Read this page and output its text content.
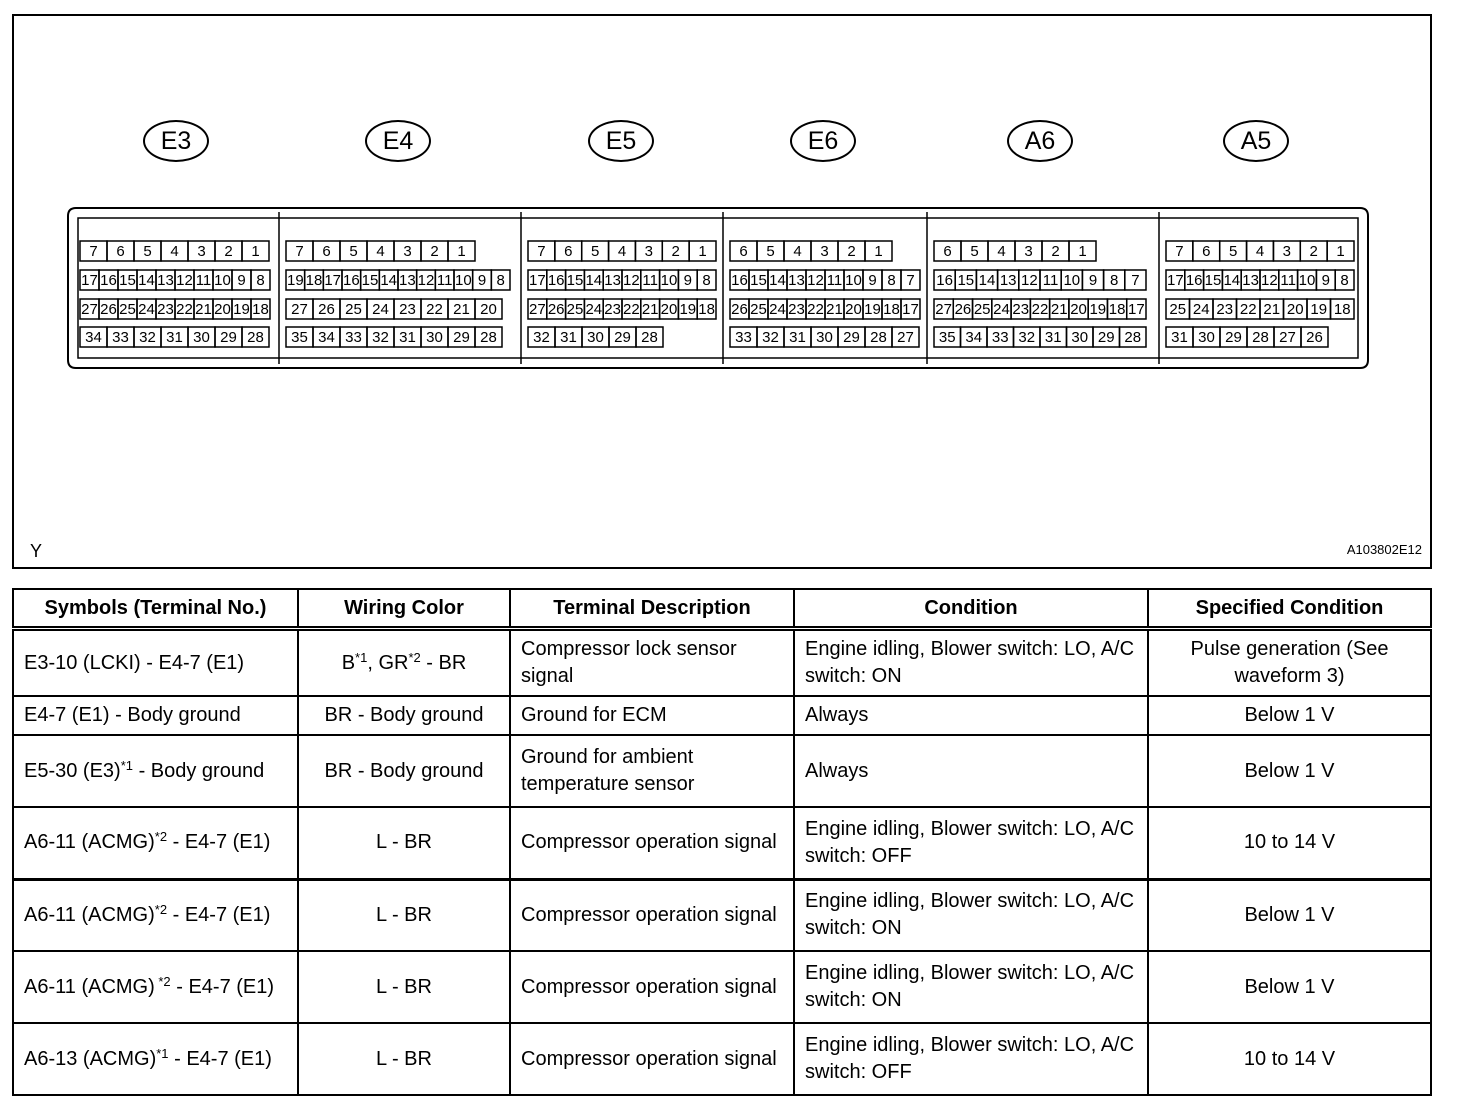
E3	E4	E5	E6	A6	A5
7 6 5 4 3 2 1
17 16 15 14 13 12 11 10 9 8
27 26 25 24 23 22 21 20 19 18
34 33 32 31 30 29 28
7 6 5 4 3 2 1
19 18 17 16 15 14 13 12 11 10 9 8
27 26 25 24 23 22 21 20
35 34 33 32 31 30 29 28
7 6 5 4 3 2 1
17 16 15 14 13 12 11 10 9 8
27 26 25 24 23 22 21 20 19 18
32 31 30 29 28
6 5 4 3 2 1
16 15 14 13 12 11 10 9 8 7
26 25 24 23 22 21 20 19 18 17
33 32 31 30 29 28 27
6 5 4 3 2 1
16 15 14 13 12 11 10 9 8 7
27 26 25 24 23 22 21 20 19 18 17
35 34 33 32 31 30 29 28
7 6 5 4 3 2 1
17 16 15 14 13 12 11 10 9 8
25 24 23 22 21 20 19 18
31 30 29 28 27 26
Y	A103802E12
Symbols (Terminal No.)	Wiring Color	Terminal Description	Condition	Specified Condition
E3-10 (LCKI) - E4-7 (E1)	$B^{*1}$, GR$^{*2}$ - BR	Compressor lock sensor signal	Engine idling, Blower switch: LO, A/C switch: ON	Pulse generation (See waveform 3)
E4-7 (E1) - Body ground	BR - Body ground	Ground for ECM	Always	Below 1 V
E5-30 $(E3)^{*1}$ - Body ground	BR - Body ground	Ground for ambient temperature sensor	Always	Below 1 V
A6-11 (ACMG)$^{*2}$ - E4-7 (E1)	L - BR	Compressor operation signal	Engine idling, Blower switch: LO, A/C switch: OFF	10 to 14 V
A6-11 (ACMG)$^{*2}$ - E4-7 (E1)	L - BR	Compressor operation signal	Engine idling, Blower switch: LO, A/C switch: ON	Below 1 V
A6-11 (ACMG) $^{*2}$ - E4-7 (E1)	L - BR	Compressor operation signal	Engine idling, Blower switch: LO, A/C switch: ON	Below 1 V
A6-13 (ACMG)$^{*1}$ - E4-7 (E1)	L - BR	Compressor operation signal	Engine idling, Blower switch: LO, A/C switch: OFF	10 to 14 V
